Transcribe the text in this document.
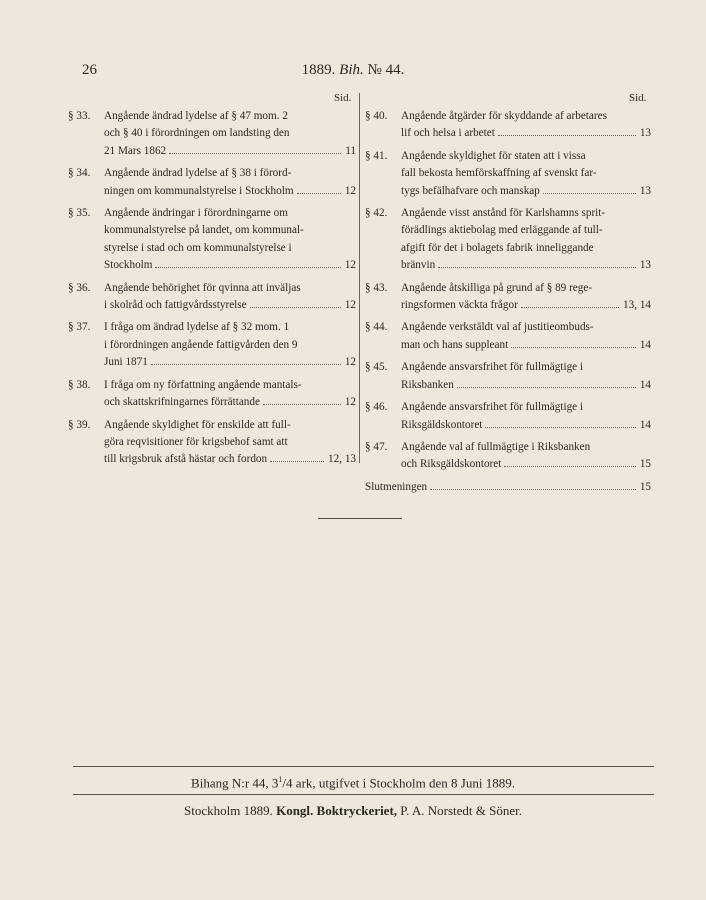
26	1889. Bih. № 44.
Sid.	Sid.
§ 33. Angående ändrad lydelse af § 47 mom. 2
och § 40 i förordningen om landsting den
21 Mars 1862	11
§ 34. Angående ändrad lydelse af § 38 i förord-
ningen om kommunalstyrelse i Stockholm	12
§ 35. Angående ändringar i förordningarne om
kommunalstyrelse på landet, om kommunal-
styrelse i stad och om kommunalstyrelse i
Stockholm	12
§ 36. Angående behörighet för qvinna att inväljas
i skolråd och fattigvårdsstyrelse	12
§ 37. I fråga om ändrad lydelse af § 32 mom. 1
i förordningen angående fattigvården den 9
Juni 1871	12
§ 38. I fråga om ny författning angående mantals-
och skattskrifningarnes förrättande	12
§ 39. Angående skyldighet för enskilde att full-
göra reqvisitioner för krigsbehof samt att
till krigsbruk afstå hästar och fordon	12, 13
§ 40. Angående åtgärder för skyddande af arbetares
lif och helsa i arbetet	13
§ 41. Angående skyldighet för staten att i vissa
fall bekosta hemförskaffning af svenskt far-
tygs befälhafvare och manskap	13
§ 42. Angående visst anstånd för Karlshamns sprit-
förädlings aktiebolag med erläggande af tull-
afgift för det i bolagets fabrik inneliggande
bränvin	13
§ 43. Angående åtskilliga på grund af § 89 rege-
ringsformen väckta frågor	13, 14
§ 44. Angående verkstäldt val af justitieombuds-
man och hans suppleant	14
§ 45. Angående ansvarsfrihet för fullmägtige i
Riksbanken	14
§ 46. Angående ansvarsfrihet för fullmägtige i
Riksgäldskontoret	14
§ 47. Angående val af fullmägtige i Riksbanken
och Riksgäldskontoret	15
Slutmeningen	15
Bihang N:r 44, $3^1/4$ ark, utgifvet i Stockholm den 8 Juni 1889.
Stockholm 1889. Kongl. Boktryckeriet, P. A. Norstedt & Söner.
